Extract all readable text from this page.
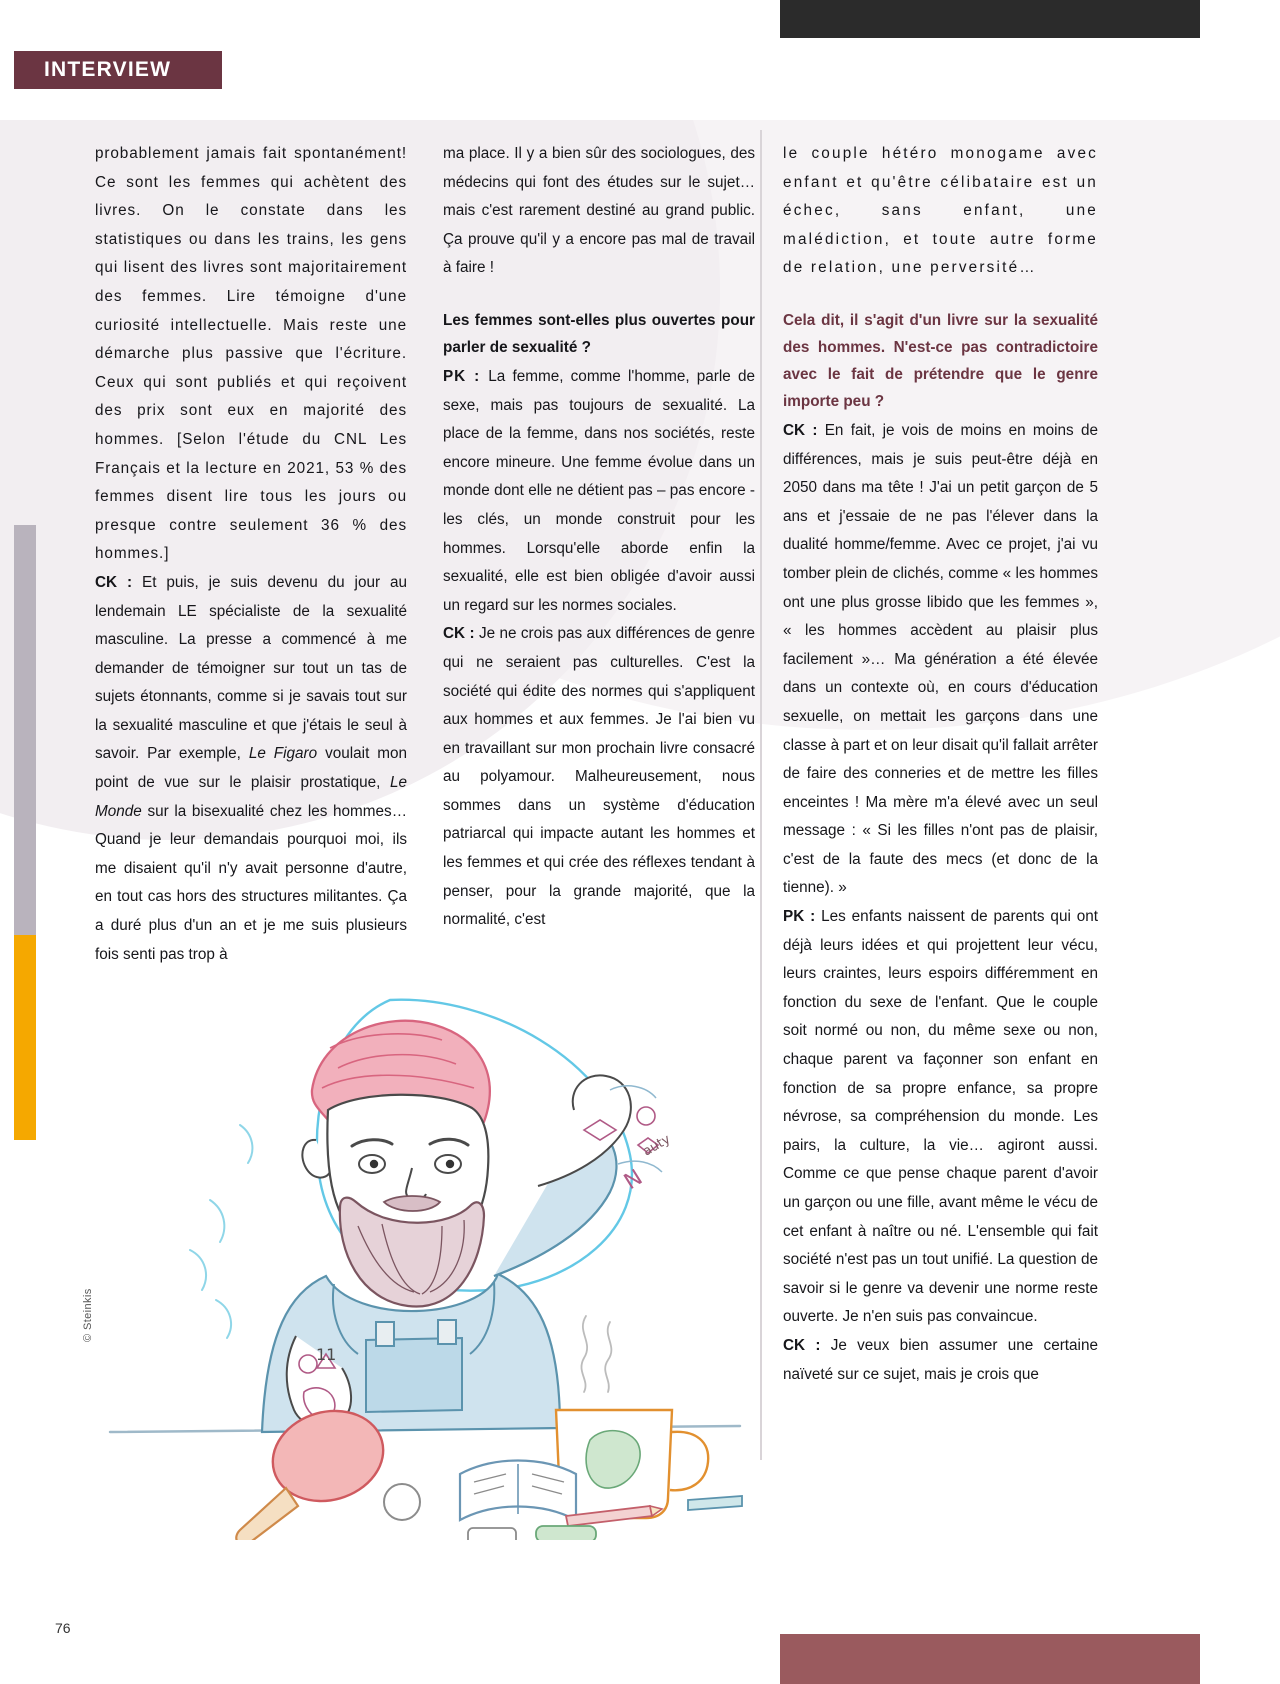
INTERVIEW

probablement jamais fait spontanément! Ce sont les femmes qui achètent des livres. On le constate dans les statistiques ou dans les trains, les gens qui lisent des livres sont majoritairement des femmes. Lire témoigne d'une curiosité intellectuelle. Mais reste une démarche plus passive que l'écriture. Ceux qui sont publiés et qui reçoivent des prix sont eux en majorité des hommes. [Selon l'étude du CNL Les Français et la lecture en 2021, 53 % des femmes disent lire tous les jours ou presque contre seulement 36 % des hommes.]

CK : Et puis, je suis devenu du jour au lendemain LE spécialiste de la sexualité masculine. La presse a commencé à me demander de témoigner sur tout un tas de sujets étonnants, comme si je savais tout sur la sexualité masculine et que j'étais le seul à savoir. Par exemple, Le Figaro voulait mon point de vue sur le plaisir prostatique, Le Monde sur la bisexualité chez les hommes… Quand je leur demandais pourquoi moi, ils me disaient qu'il n'y avait personne d'autre, en tout cas hors des structures militantes. Ça a duré plus d'un an et je me suis plusieurs fois senti pas trop à

ma place. Il y a bien sûr des sociologues, des médecins qui font des études sur le sujet… mais c'est rarement destiné au grand public. Ça prouve qu'il y a encore pas mal de travail à faire !

Les femmes sont-elles plus ouvertes pour parler de sexualité ?

PK : La femme, comme l'homme, parle de sexe, mais pas toujours de sexualité. La place de la femme, dans nos sociétés, reste encore mineure. Une femme évolue dans un monde dont elle ne détient pas – pas encore - les clés, un monde construit pour les hommes. Lorsqu'elle aborde enfin la sexualité, elle est bien obligée d'avoir aussi un regard sur les normes sociales.

CK : Je ne crois pas aux différences de genre qui ne seraient pas culturelles. C'est la société qui édite des normes qui s'appliquent aux hommes et aux femmes. Je l'ai bien vu en travaillant sur mon prochain livre consacré au polyamour. Malheureusement, nous sommes dans un système d'éducation patriarcal qui impacte autant les hommes et les femmes et qui crée des réflexes tendant à penser, pour la grande majorité, que la normalité, c'est

le couple hétéro monogame avec enfant et qu'être célibataire est un échec, sans enfant, une malédiction, et toute autre forme de relation, une perversité…

Cela dit, il s'agit d'un livre sur la sexualité des hommes. N'est-ce pas contradictoire avec le fait de prétendre que le genre importe peu ?

CK : En fait, je vois de moins en moins de différences, mais je suis peut-être déjà en 2050 dans ma tête ! J'ai un petit garçon de 5 ans et j'essaie de ne pas l'élever dans la dualité homme/femme. Avec ce projet, j'ai vu tomber plein de clichés, comme « les hommes ont une plus grosse libido que les femmes », « les hommes accèdent au plaisir plus facilement »… Ma génération a été élevée dans un contexte où, en cours d'éducation sexuelle, on mettait les garçons dans une classe à part et on leur disait qu'il fallait arrêter de faire des conneries et de mettre les filles enceintes ! Ma mère m'a élevé avec un seul message : « Si les filles n'ont pas de plaisir, c'est de la faute des mecs (et donc de la tienne). »

PK : Les enfants naissent de parents qui ont déjà leurs idées et qui projettent leur vécu, leurs craintes, leurs espoirs différemment en fonction du sexe de l'enfant. Que le couple soit normé ou non, du même sexe ou non, chaque parent va façonner son enfant en fonction de sa propre enfance, sa propre névrose, sa compréhension du monde. Les pairs, la culture, la vie… agiront aussi. Comme ce que pense chaque parent d'avoir un garçon ou une fille, avant même le vécu de cet enfant à naître ou né. L'ensemble qui fait société n'est pas un tout unifié. La question de savoir si le genre va devenir une norme reste ouverte. Je n'en suis pas convaincue.

CK : Je veux bien assumer une certaine naïveté sur ce sujet, mais je crois que

N
auty
11
© Steinkis
76
